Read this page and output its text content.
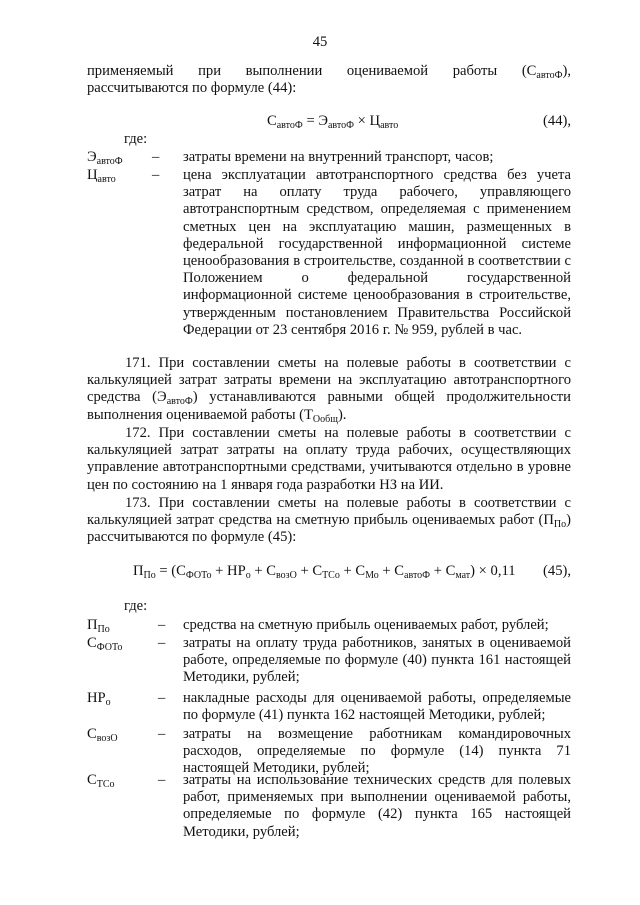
45
применяемый при выполнении оцениваемой работы $(С_{автоФ})$, рассчитываются по формуле (44):
$С_{автоФ} = Э_{автоФ} \times Ц_{авто}$	(44),
где:
$Э_{автоФ}$ – затраты времени на внутренний транспорт, часов;
$Ц_{авто}$ – цена эксплуатации автотранспортного средства без учета затрат на оплату труда рабочего, управляющего автотранспортным средством, определяемая с применением сметных цен на эксплуатацию машин, размещенных в федеральной государственной информационной системе ценообразования в строительстве, созданной в соответствии с Положением о федеральной государственной информационной системе ценообразования в строительстве, утвержденным постановлением Правительства Российской Федерации от 23 сентября 2016 г. № 959, рублей в час.
171. При составлении сметы на полевые работы в соответствии с калькуляцией затрат затраты времени на эксплуатацию автотранспортного средства $(Э_{автоФ})$ устанавливаются равными общей продолжительности выполнения оцениваемой работы $(Т_{Ообщ})$.
172. При составлении сметы на полевые работы в соответствии с калькуляцией затрат затраты на оплату труда рабочих, осуществляющих управление автотранспортными средствами, учитываются отдельно в уровне цен по состоянию на 1 января года разработки НЗ на ИИ.
173. При составлении сметы на полевые работы в соответствии с калькуляцией затрат средства на сметную прибыль оцениваемых работ $(П_{По})$ рассчитываются по формуле (45):
$П_{По} = (С_{ФОТо} + НР_о + С_{возО} + С_{ТСо} + С_{Мо} + С_{автоФ} + С_{мат}) \times 0,11$ (45),
где:
$П_{По}$	– средства на сметную прибыль оцениваемых работ, рублей;
$С_{ФОТо}$ – затраты на оплату труда работников, занятых в оцениваемой работе, определяемые по формуле (40) пункта 161 настоящей Методики, рублей;
$НР_о$	– накладные расходы для оцениваемой работы, определяемые по формуле (41) пункта 162 настоящей Методики, рублей;
$С_{возО}$	– затраты на возмещение работникам командировочных расходов, определяемые по формуле (14) пункта 71 настоящей Методики, рублей;
$С_{ТСо}$	– затраты на использование технических средств для полевых работ, применяемых при выполнении оцениваемой работы, определяемые по формуле (42) пункта 165 настоящей Методики, рублей;
